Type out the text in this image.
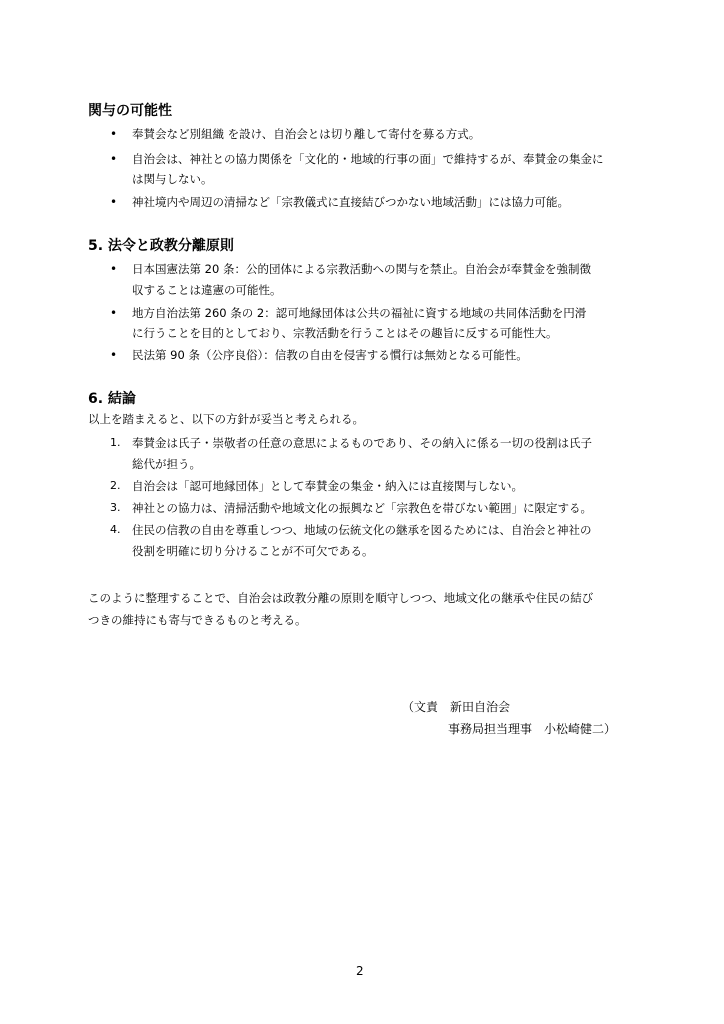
関与の可能性
• 奉賛会など別組織 を設け、自治会とは切り離して寄付を募る方式。

• 自治会は、神社との協力関係を「文化的・地域的行事の面」で維持するが、奉賛金の集金に

は関与しない。

• 神社境内や周辺の清掃など「宗教儀式に直接結びつかない地域活動」には協力可能。

5. 法令と政教分離原則
• 日本国憲法第 20 条：公的団体による宗教活動への関与を禁止。自治会が奉賛金を強制徴

収することは違憲の可能性。

• 地方自治法第 260 条の 2：認可地縁団体は公共の福祉に資する地域の共同体活動を円滑

に行うことを目的としており、宗教活動を行うことはその趣旨に反する可能性大。

• 民法第 90 条（公序良俗）：信教の自由を侵害する慣行は無効となる可能性。

6. 結論

以上を踏まえると、以下の方針が妥当と考えられる。

1. 奉賛金は氏子・崇敬者の任意の意思によるものであり、その納入に係る一切の役割は氏子

総代が担う。

2. 自治会は「認可地縁団体」として奉賛金の集金・納入には直接関与しない。

3. 神社との協力は、清掃活動や地域文化の振興など「宗教色を帯びない範囲」に限定する。

4. 住民の信教の自由を尊重しつつ、地域の伝統文化の継承を図るためには、自治会と神社の

役割を明確に切り分けることが不可欠である。

このように整理することで、自治会は政教分離の原則を順守しつつ、地域文化の継承や住民の結び

つきの維持にも寄与できるものと考える。

（文責　新田自治会

事務局担当理事　小松崎健二）

2
